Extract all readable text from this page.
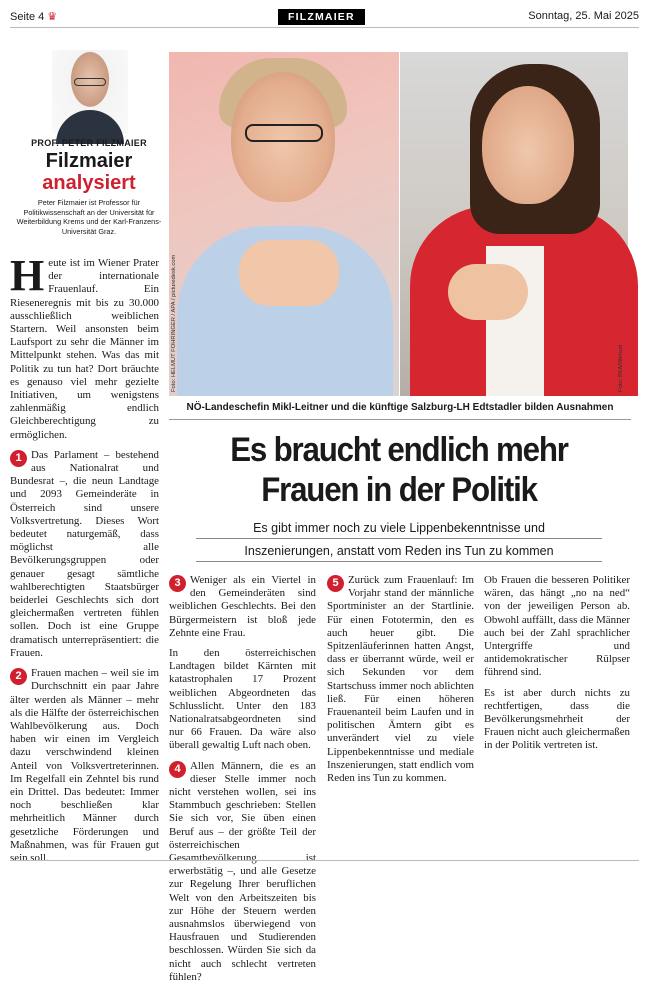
Seite 4 ♛	FILZMAIER	Sonntag, 25. Mai 2025
PROF. PETER FILZMAIER
Filzmaier
analysiert
Peter Filzmaier ist Professor für Politikwissenschaft an der Universität für Weiterbildung Krems und der Karl-Franzens-Universität Graz.
Foto: HELMUT FOHRINGER / APA / picturedesk.com	Foto: BKA/Wenzel
NÖ-Landeschefin Mikl-Leitner und die künftige Salzburg-LH Edtstadler bilden Ausnahmen
Es braucht endlich mehr
Frauen in der Politik
Es gibt immer noch zu viele Lippenbekenntnisse und
Inszenierungen, anstatt vom Reden ins Tun zu kommen

Heute ist im Wiener Prater der internationale Frauenlauf. Ein Rieseneregnis mit bis zu 30.000 ausschließlich weiblichen Startern. Weil ansonsten beim Laufsport zu sehr die Männer im Mittelpunkt stehen. Was das mit Politik zu tun hat? Dort bräuchte es genauso viel mehr gezielte Initiativen, um wenigstens zahlenmäßig endlich Gleichberechtigung zu ermöglichen.

1 Das Parlament – bestehend aus Nationalrat und Bundesrat –, die neun Landtage und 2093 Gemeinderäte in Österreich sind unsere Volksvertretung. Dieses Wort bedeutet naturgemäß, dass möglichst alle Bevölkerungsgruppen oder genauer gesagt sämtliche wahlberechtigten Staatsbürger beiderlei Geschlechts sich dort gleichermaßen vertreten fühlen sollen. Doch ist eine Gruppe dramatisch unterrepräsentiert: die Frauen.

2 Frauen machen – weil sie im Durchschnitt ein paar Jahre älter werden als Männer – mehr als die Hälfte der österreichischen Wahlbevölkerung aus. Doch haben wir einen im Vergleich dazu verschwindend kleinen Anteil von Volksvertreterinnen. Im Regelfall ein Zehntel bis rund ein Drittel. Das bedeutet: Immer noch beschließen klar mehrheitlich Männer durch gesetzliche Förderungen und Maßnahmen, was für Frauen gut sein soll.

3 Weniger als ein Viertel in den Gemeinderäten sind weiblichen Geschlechts. Bei den Bürgermeistern ist bloß jede Zehnte eine Frau.

In den österreichischen Landtagen bildet Kärnten mit katastrophalen 17 Prozent weiblichen Abgeordneten das Schlusslicht. Unter den 183 Nationalratsabgeordneten sind nur 66 Frauen. Da wäre also überall gewaltig Luft nach oben.

4 Allen Männern, die es an dieser Stelle immer noch nicht verstehen wollen, sei ins Stammbuch geschrieben: Stellen Sie sich vor, Sie üben einen Beruf aus – der größte Teil der österreichischen Gesamtbevölkerung ist erwerbstätig –, und alle Gesetze zur Regelung Ihrer beruflichen Welt von den Arbeitszeiten bis zur Höhe der Steuern werden ausnahmslos überwiegend von Hausfrauen und Studierenden beschlossen. Würden Sie sich da nicht auch schlecht vertreten fühlen?

5 Zurück zum Frauenlauf: Im Vorjahr stand der männliche Sportminister an der Startlinie. Für einen Fototermin, den es auch heuer gibt. Die Spitzenläuferinnen hatten Angst, dass er überrannt würde, weil er sich Sekunden vor dem Startschuss immer noch ablichten ließ. Für einen höheren Frauenanteil beim Laufen und in politischen Ämtern gibt es unverändert viel zu viele Lippenbekenntnisse und mediale Inszenierungen, statt endlich vom Reden ins Tun zu kommen.

Ob Frauen die besseren Politiker wären, das hängt „no na ned“ von der jeweiligen Person ab. Obwohl auffällt, dass die Männer auch bei der Zahl sprachlicher Untergriffe und antidemokratischer Rülpser führend sind.

Es ist aber durch nichts zu rechtfertigen, dass die Bevölkerungsmehrheit der Frauen nicht auch gleichermaßen in der Politik vertreten ist.
